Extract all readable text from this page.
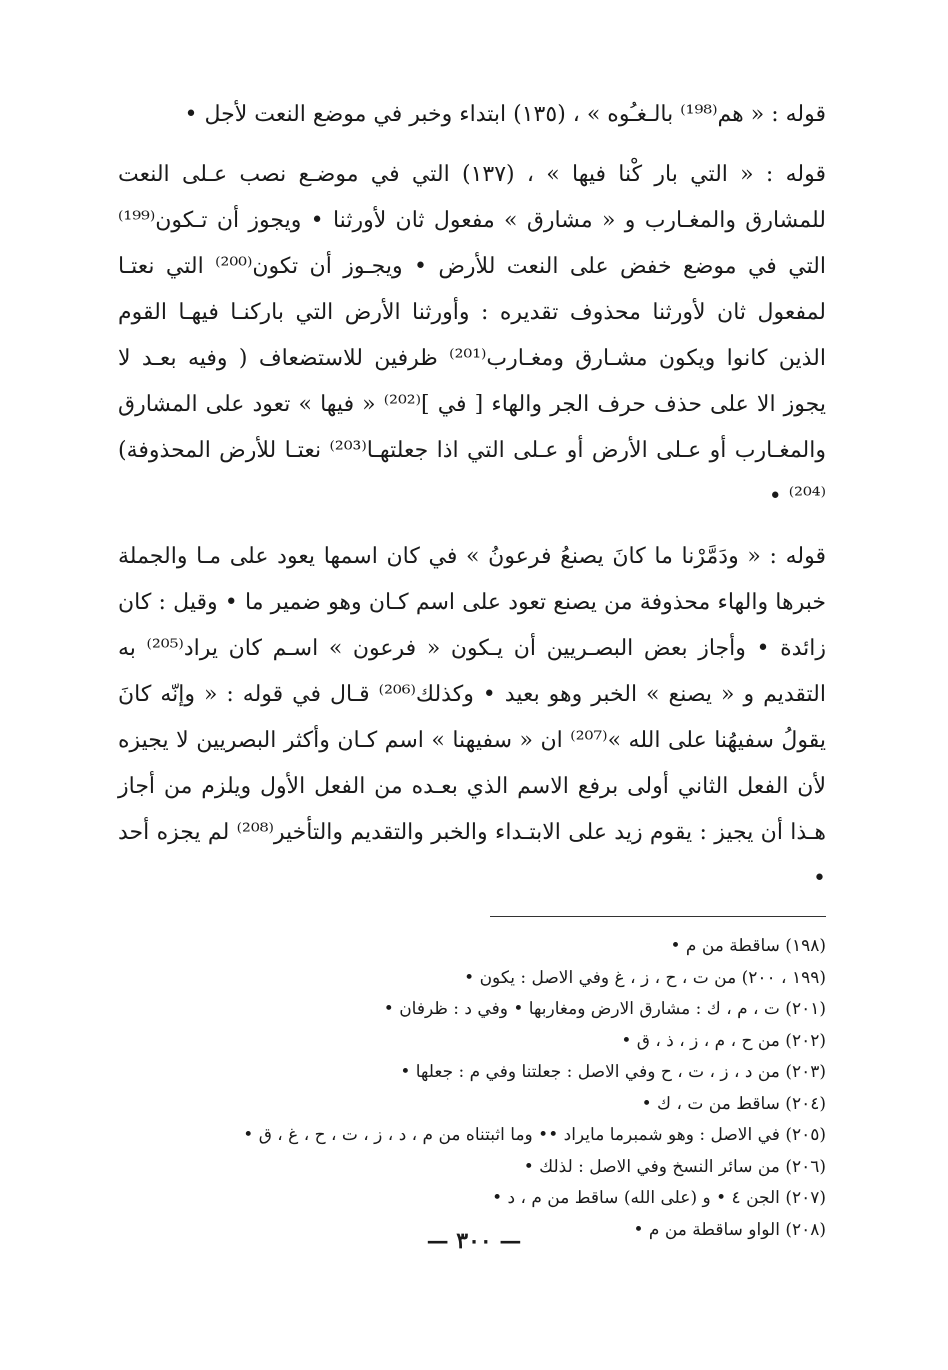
قوله : « هم⁽¹⁹⁸⁾ بالـغـُوه » ، (١٣٥) ابتداء وخبر في موضع النعت لأجل •

قوله : « التي بار كْنا فيها » ، (١٣٧) التي في موضـع نصب عـلى النعت للمشارق والمغـارب و « مشارق » مفعول ثان لأورثنا • ويجوز أن تـكون⁽¹⁹⁹⁾ التي في موضع خفض على النعت للأرض • ويجـوز أن تكون⁽²⁰⁰⁾ التي نعتـا لمفعول ثان لأورثنا محذوف تقديره : وأورثنا الأرض التي باركنـا فيهـا القوم الذين كانوا ويكون مشـارق ومغـارب⁽²⁰¹⁾ ظرفين للاستضعاف ( وفيه بعـد لا يجوز الا على حذف حرف الجر والهاء [ في ]⁽²⁰²⁾ « فيها » تعود على المشارق والمغـارب أو عـلى الأرض أو عـلى التي اذا جعلتهـا⁽²⁰³⁾ نعتـا للأرض المحذوفة)⁽²⁰⁴⁾ •

قوله : « ودَمَّرْنا ما كانَ يصنعُ فرعونُ » في كان اسمها يعود على مـا والجملة خبرها والهاء محذوفة من يصنع تعود على اسم كـان وهو ضمير ما • وقيل : كان زائدة • وأجاز بعض البصـريين أن يـكون « فرعون » اسـم كان يراد⁽²⁰⁵⁾ به التقديم و « يصنع » الخبر وهو بعيد • وكذلك⁽²⁰⁶⁾ قـال في قوله : « وإنّه كانَ يقولُ سفيهُنا على الله »⁽²⁰⁷⁾ ان « سفيهنا » اسم كـان وأكثر البصريين لا يجيزه لأن الفعل الثاني أولى برفع الاسم الذي بعـده من الفعل الأول ويلزم من أجاز هـذا أن يجيز : يقوم زيد على الابتـداء والخبر والتقديم والتأخير⁽²⁰⁸⁾ لم يجزه أحد •

(١٩٨) ساقطة من م •
(١٩٩ ، ٢٠٠) من ت ، ح ، ز ، غ وفي الاصل : يكون •
(٢٠١) ت ، م ، ك : مشارق الارض ومغاربها • وفي د : ظرفان •
(٢٠٢) من ح ، م ، ز ، ذ ، ق •
(٢٠٣) من د ، ز ، ت ، ح وفي الاصل : جعلتنا وفي م : جعلها •
(٢٠٤) ساقط من ت ، ك •
(٢٠٥) في الاصل : وهو شمبرما مايراد •• وما اثبتناه من م ، د ، ز ، ت ، ح ، غ ، ق •
(٢٠٦) من سائر النسخ وفي الاصل : لذلك •
(٢٠٧) الجن ٤ • و (على الله) ساقط من م ، د •
(٢٠٨) الواو ساقطة من م •
— ٣٠٠ —
